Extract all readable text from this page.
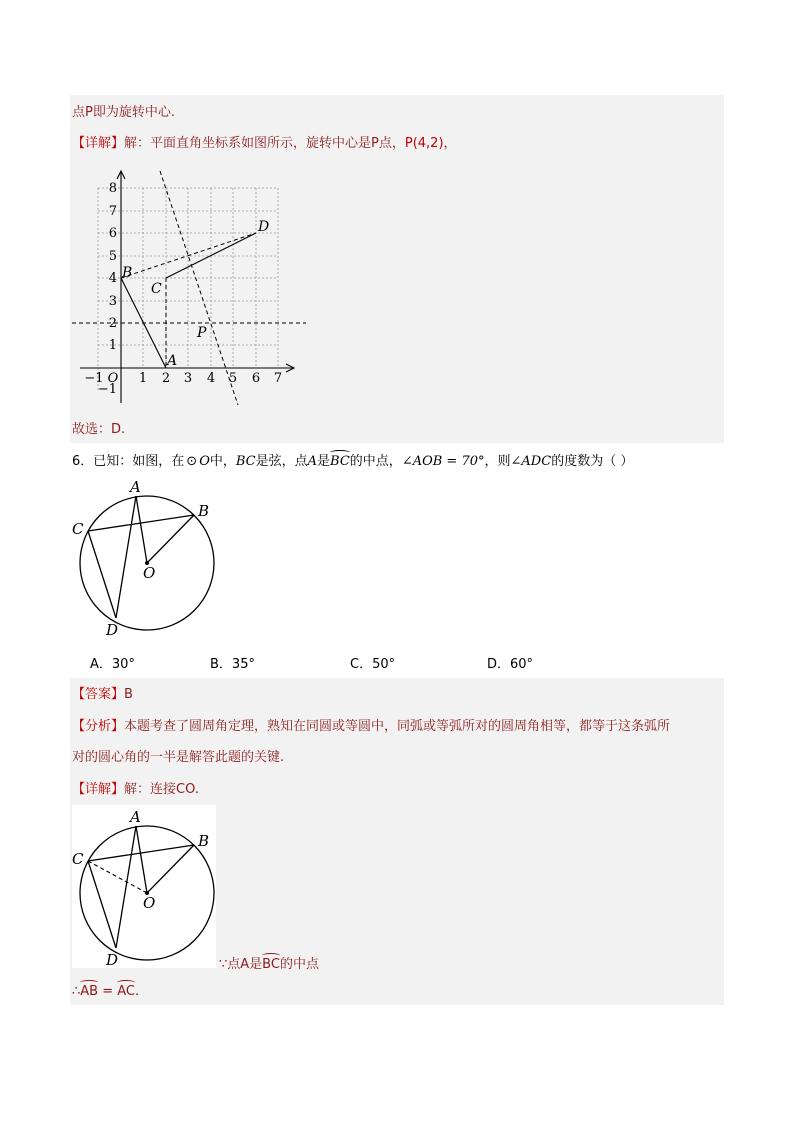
点P即为旋转中心.
【详解】解：平面直角坐标系如图所示，旋转中心是P点，P(4,2)，
8
7
6
5
4
3
2
1
−1
−1 O 1 2 3 4 5 6 7
A
B
C
D
P
故选：D.
6．已知：如图，在 ⊙ O中，BC是弦，点A是BC的中点，∠AOB = 70°，则∠ADC的度数为（ ）
A
B
C
D
O
A．30°	B．35°	C．50°	D．60°
【答案】B
【分析】本题考查了圆周角定理，熟知在同圆或等圆中，同弧或等弧所对的圆周角相等，都等于这条弧所
对的圆心角的一半是解答此题的关键.
【详解】解：连接CO.
A
B
C
D
O
∵点A是BC的中点
∴AB = AC.
